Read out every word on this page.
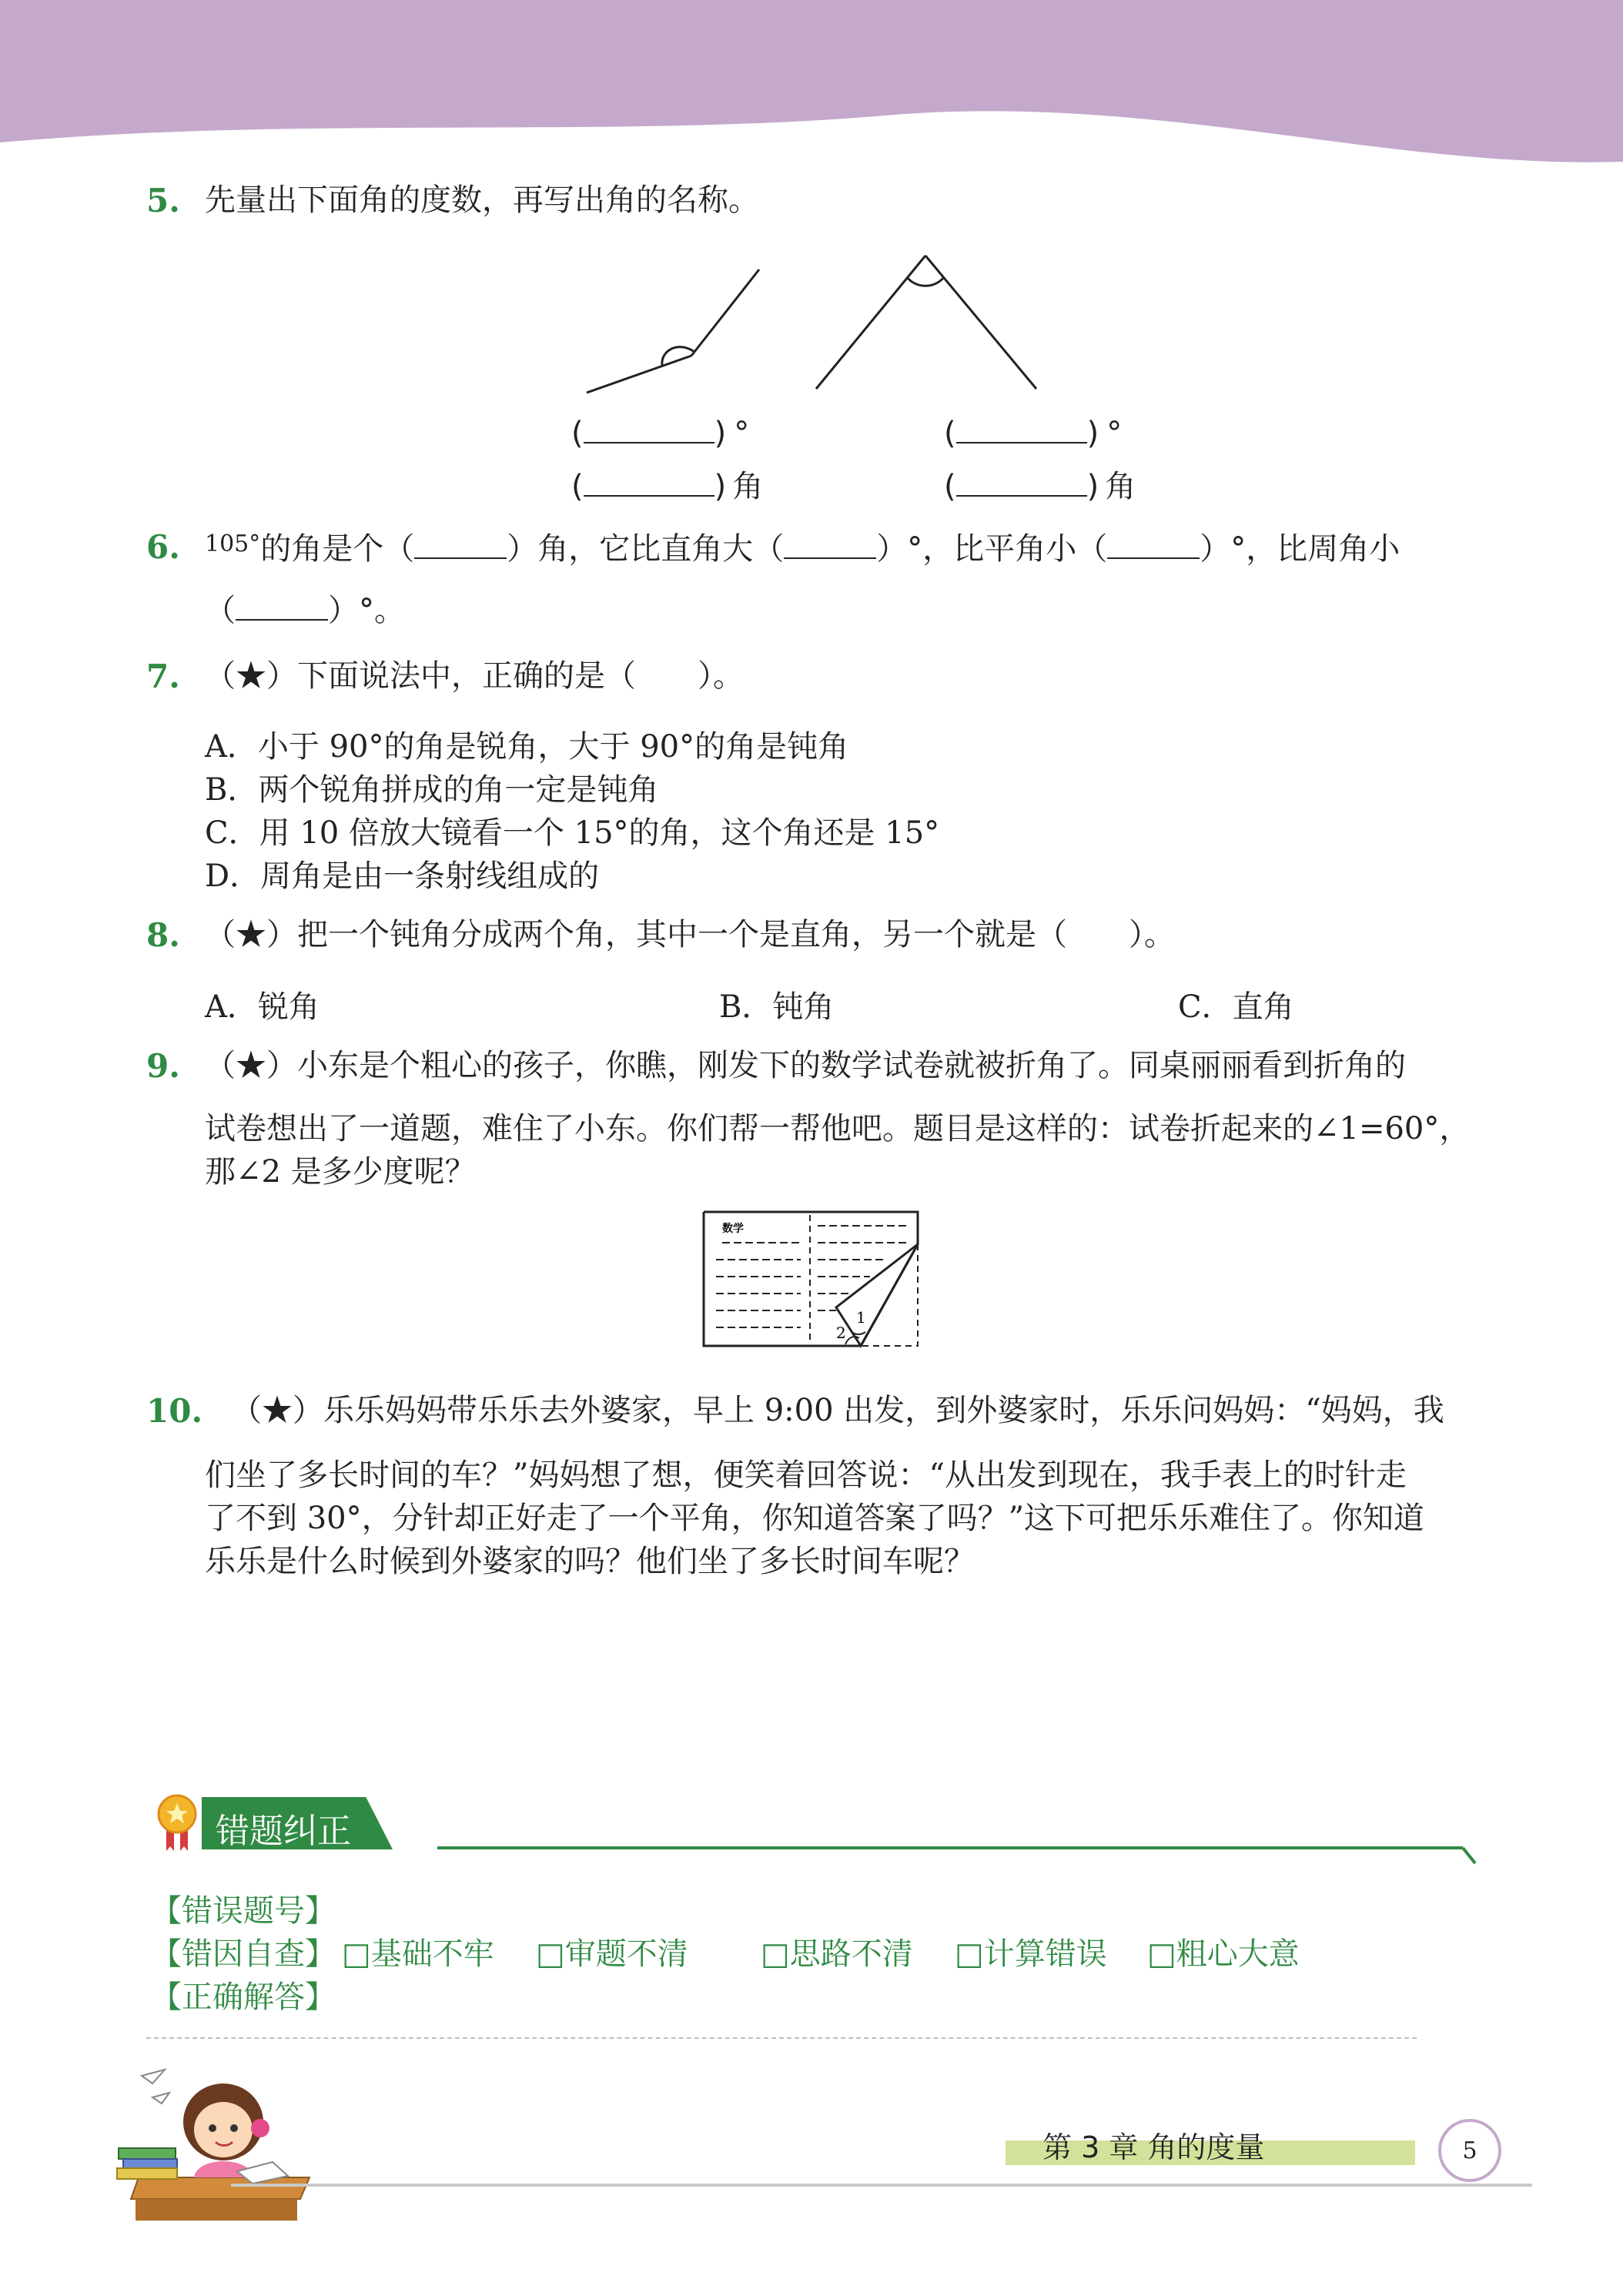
5. 先量出下面角的度数，再写出角的名称。
(	) °
(	) 角
(	) °
(	) 角
6. $^{105^\circ}$的角是个（	）角，它比直角大（	）°，比平角小（	）°，比周角小
（	）°。
7. （★）下面说法中，正确的是（　　）。
A．小于 90°的角是锐角，大于 90°的角是钝角
B．两个锐角拼成的角一定是钝角
C．用 10 倍放大镜看一个 15°的角，这个角还是 15°
D．周角是由一条射线组成的
8. （★）把一个钝角分成两个角，其中一个是直角，另一个就是（　　）。
A．锐角	B．钝角	C．直角
9. （★）小东是个粗心的孩子，你瞧，刚发下的数学试卷就被折角了。同桌丽丽看到折角的
试卷想出了一道题，难住了小东。你们帮一帮他吧。题目是这样的：试卷折起来的∠1=60°，
那∠2 是多少度呢？
数学
1
2
10. （★）乐乐妈妈带乐乐去外婆家，早上 9:00 出发，到外婆家时，乐乐问妈妈：“妈妈，我
们坐了多长时间的车？”妈妈想了想，便笑着回答说：“从出发到现在，我手表上的时针走
了不到 30°，分针却正好走了一个平角，你知道答案了吗？”这下可把乐乐难住了。你知道
乐乐是什么时候到外婆家的吗？他们坐了多长时间车呢？
错题纠正
【错误题号】
【错因自查】 □基础不牢 □审题不清 □思路不清 □计算错误 □粗心大意
【正确解答】
第 3 章 角的度量	5
